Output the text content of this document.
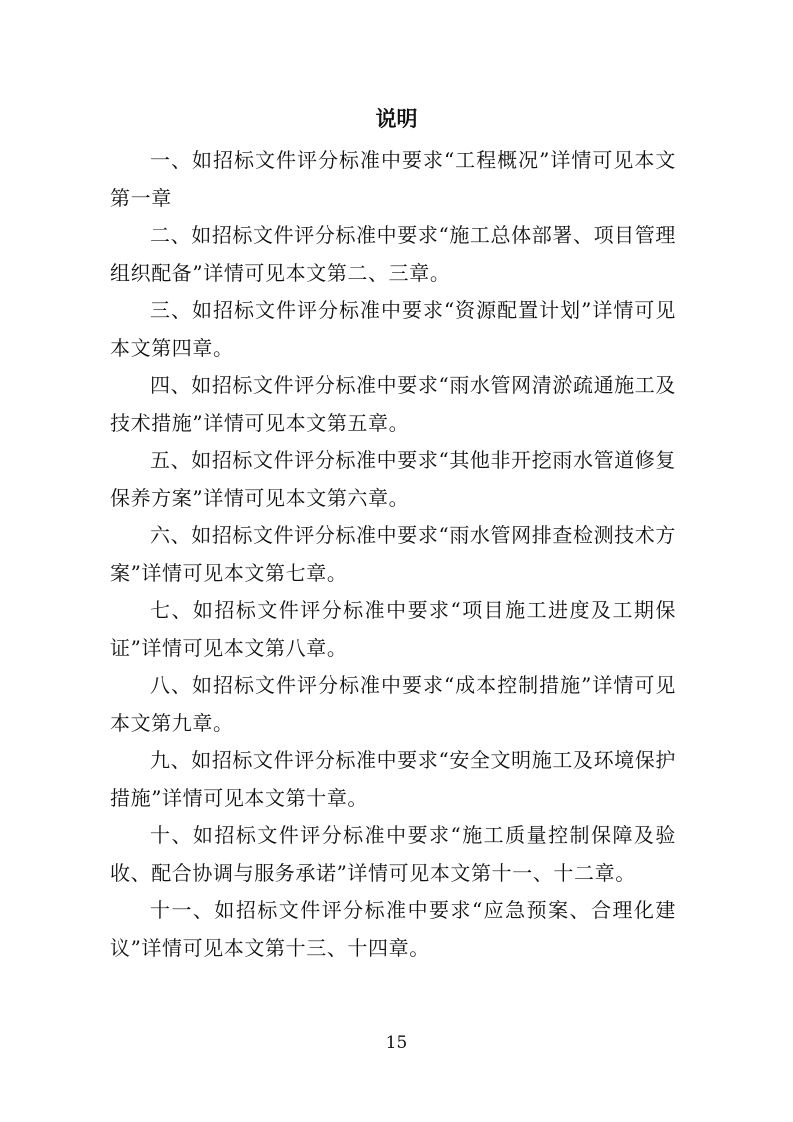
说明

一、如招标文件评分标准中要求“工程概况”详情可见本文第一章

二、如招标文件评分标准中要求“施工总体部署、项目管理组织配备”详情可见本文第二、三章。

三、如招标文件评分标准中要求“资源配置计划”详情可见本文第四章。

四、如招标文件评分标准中要求“雨水管网清淤疏通施工及技术措施”详情可见本文第五章。

五、如招标文件评分标准中要求“其他非开挖雨水管道修复保养方案”详情可见本文第六章。

六、如招标文件评分标准中要求“雨水管网排查检测技术方案”详情可见本文第七章。

七、如招标文件评分标准中要求“项目施工进度及工期保证”详情可见本文第八章。

八、如招标文件评分标准中要求“成本控制措施”详情可见本文第九章。

九、如招标文件评分标准中要求“安全文明施工及环境保护措施”详情可见本文第十章。

十、如招标文件评分标准中要求“施工质量控制保障及验收、配合协调与服务承诺”详情可见本文第十一、十二章。

十一、如招标文件评分标准中要求“应急预案、合理化建议”详情可见本文第十三、十四章。

15
